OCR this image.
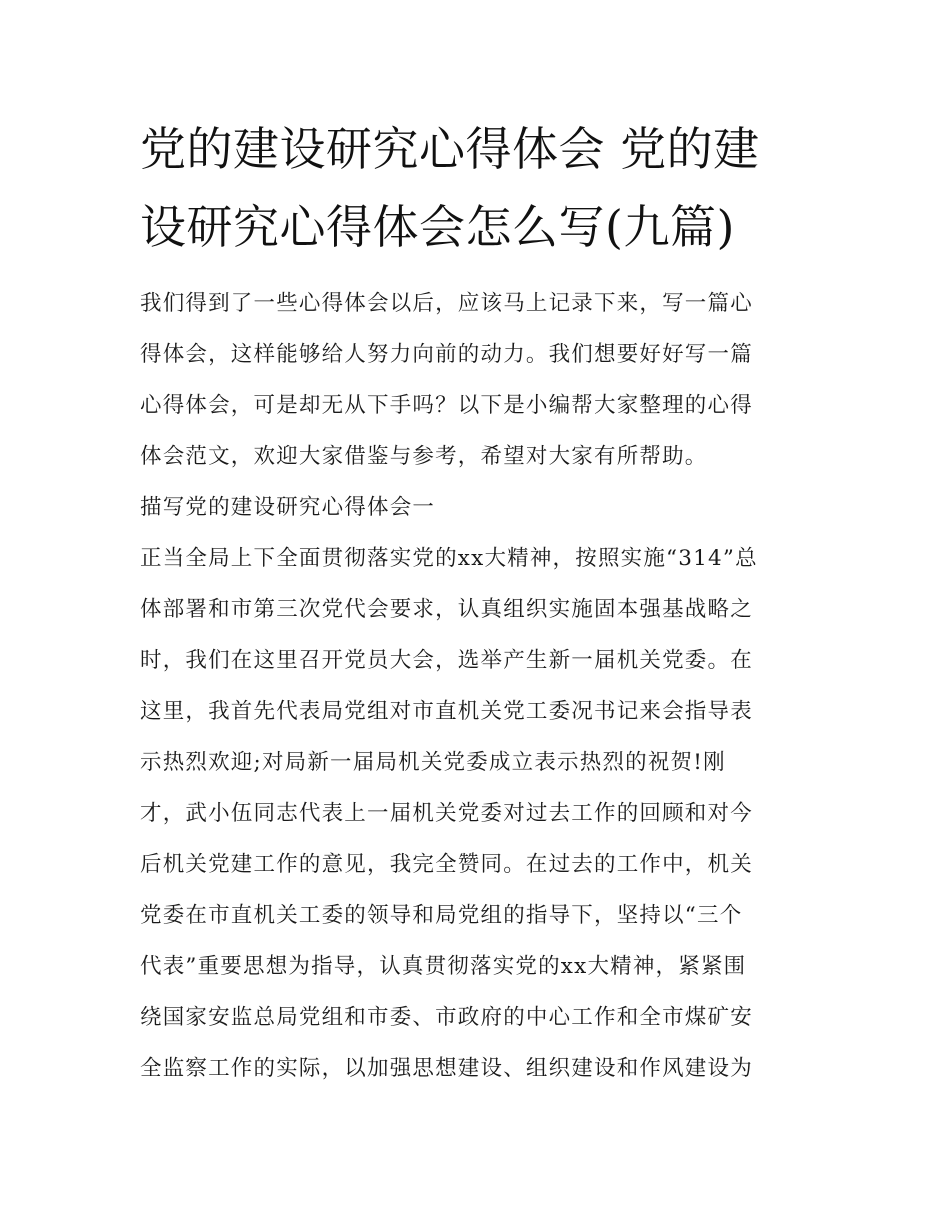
党的建设研究心得体会 党的建
设研究心得体会怎么写(九篇)

我们得到了一些心得体会以后，应该马上记录下来，写一篇心
得体会，这样能够给人努力向前的动力。我们想要好好写一篇
心得体会，可是却无从下手吗？以下是小编帮大家整理的心得
体会范文，欢迎大家借鉴与参考，希望对大家有所帮助。

描写党的建设研究心得体会一

正当全局上下全面贯彻落实党的xx大精神，按照实施“314”总
体部署和市第三次党代会要求，认真组织实施固本强基战略之
时，我们在这里召开党员大会，选举产生新一届机关党委。在
这里，我首先代表局党组对市直机关党工委况书记来会指导表
示热烈欢迎;对局新一届局机关党委成立表示热烈的祝贺!刚
才，武小伍同志代表上一届机关党委对过去工作的回顾和对今
后机关党建工作的意见，我完全赞同。在过去的工作中，机关
党委在市直机关工委的领导和局党组的指导下，坚持以“三个
代表”重要思想为指导，认真贯彻落实党的xx大精神，紧紧围
绕国家安监总局党组和市委、市政府的中心工作和全市煤矿安
全监察工作的实际，以加强思想建设、组织建设和作风建设为
